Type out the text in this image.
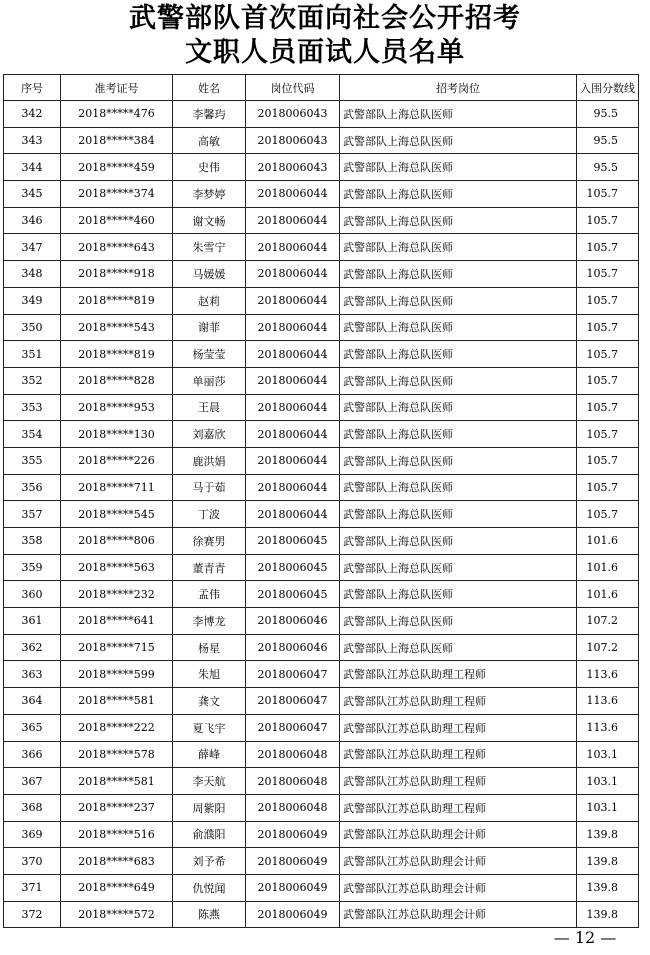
武警部队首次面向社会公开招考
文职人员面试人员名单
序号	准考证号	姓名	岗位代码	招考岗位	入围分数线
342	2018*****476	李馨玙	2018006043	武警部队上海总队医师	95.5
343	2018*****384	高敏	2018006043	武警部队上海总队医师	95.5
344	2018*****459	史伟	2018006043	武警部队上海总队医师	95.5
345	2018*****374	李梦婷	2018006044	武警部队上海总队医师	105.7
346	2018*****460	谢文畅	2018006044	武警部队上海总队医师	105.7
347	2018*****643	朱雪宁	2018006044	武警部队上海总队医师	105.7
348	2018*****918	马媛媛	2018006044	武警部队上海总队医师	105.7
349	2018*****819	赵莉	2018006044	武警部队上海总队医师	105.7
350	2018*****543	谢菲	2018006044	武警部队上海总队医师	105.7
351	2018*****819	杨莹莹	2018006044	武警部队上海总队医师	105.7
352	2018*****828	单丽莎	2018006044	武警部队上海总队医师	105.7
353	2018*****953	王晨	2018006044	武警部队上海总队医师	105.7
354	2018*****130	刘嘉欣	2018006044	武警部队上海总队医师	105.7
355	2018*****226	鹿洪娟	2018006044	武警部队上海总队医师	105.7
356	2018*****711	马于茹	2018006044	武警部队上海总队医师	105.7
357	2018*****545	丁波	2018006044	武警部队上海总队医师	105.7
358	2018*****806	徐赛男	2018006045	武警部队上海总队医师	101.6
359	2018*****563	董青青	2018006045	武警部队上海总队医师	101.6
360	2018*****232	孟伟	2018006045	武警部队上海总队医师	101.6
361	2018*****641	李博龙	2018006046	武警部队上海总队医师	107.2
362	2018*****715	杨星	2018006046	武警部队上海总队医师	107.2
363	2018*****599	朱旭	2018006047	武警部队江苏总队助理工程师	113.6
364	2018*****581	龚文	2018006047	武警部队江苏总队助理工程师	113.6
365	2018*****222	夏飞宇	2018006047	武警部队江苏总队助理工程师	113.6
366	2018*****578	薛峰	2018006048	武警部队江苏总队助理工程师	103.1
367	2018*****581	李天航	2018006048	武警部队江苏总队助理工程师	103.1
368	2018*****237	周紫阳	2018006048	武警部队江苏总队助理工程师	103.1
369	2018*****516	俞濮阳	2018006049	武警部队江苏总队助理会计师	139.8
370	2018*****683	刘予希	2018006049	武警部队江苏总队助理会计师	139.8
371	2018*****649	仇悦闻	2018006049	武警部队江苏总队助理会计师	139.8
372	2018*****572	陈燕	2018006049	武警部队江苏总队助理会计师	139.8
— 12 —
